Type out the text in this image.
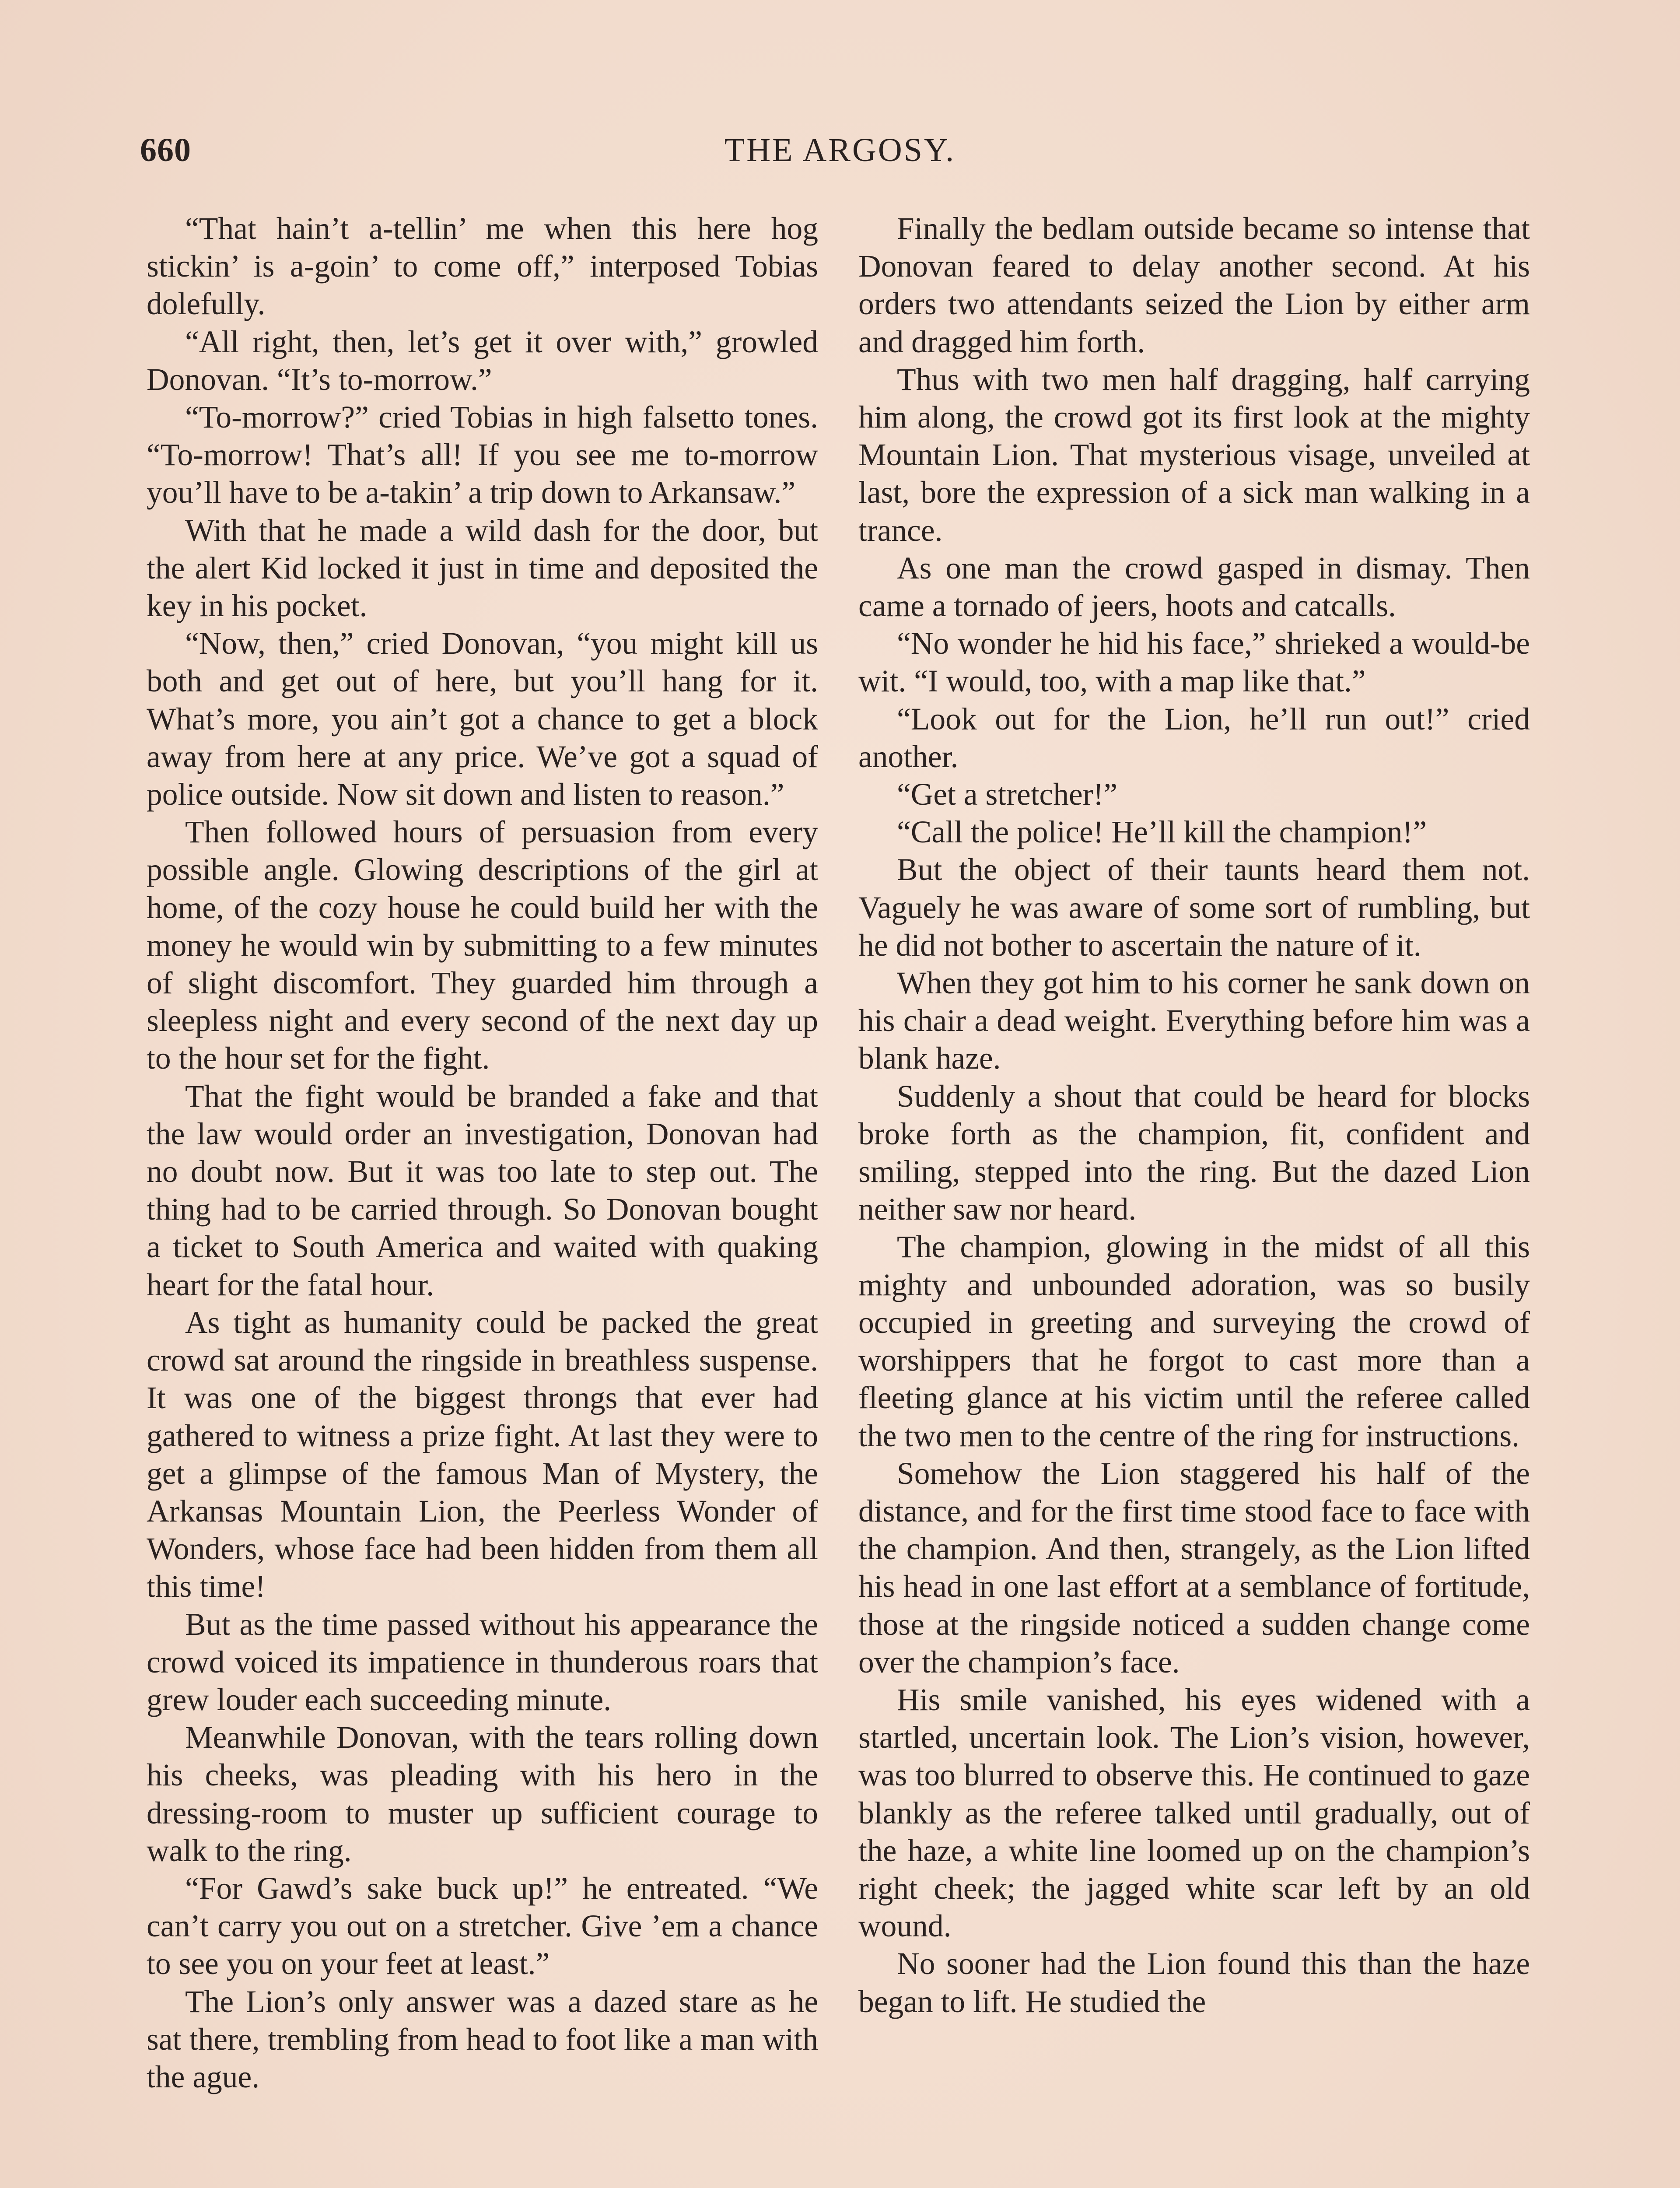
660	THE ARGOSY.

“That hain’t a-tellin’ me when this here hog stickin’ is a-goin’ to come off,” interposed Tobias dolefully.

“All right, then, let’s get it over with,” growled Donovan. “It’s to-morrow.”

“To-morrow?” cried Tobias in high falsetto tones. “To-morrow! That’s all! If you see me to-morrow you’ll have to be a-takin’ a trip down to Arkansaw.”

With that he made a wild dash for the door, but the alert Kid locked it just in time and deposited the key in his pocket.

“Now, then,” cried Donovan, “you might kill us both and get out of here, but you’ll hang for it. What’s more, you ain’t got a chance to get a block away from here at any price. We’ve got a squad of police outside. Now sit down and listen to reason.”

Then followed hours of persuasion from every possible angle. Glowing descriptions of the girl at home, of the cozy house he could build her with the money he would win by submitting to a few minutes of slight discomfort. They guarded him through a sleepless night and every second of the next day up to the hour set for the fight.

That the fight would be branded a fake and that the law would order an investigation, Donovan had no doubt now. But it was too late to step out. The thing had to be carried through. So Donovan bought a ticket to South America and waited with quaking heart for the fatal hour.

As tight as humanity could be packed the great crowd sat around the ringside in breathless suspense. It was one of the biggest throngs that ever had gathered to witness a prize fight. At last they were to get a glimpse of the famous Man of Mystery, the Arkansas Mountain Lion, the Peerless Wonder of Wonders, whose face had been hidden from them all this time!

But as the time passed without his appearance the crowd voiced its impatience in thunderous roars that grew louder each succeeding minute.

Meanwhile Donovan, with the tears rolling down his cheeks, was pleading with his hero in the dressing-room to muster up sufficient courage to walk to the ring.

“For Gawd’s sake buck up!” he entreated. “We can’t carry you out on a stretcher. Give ’em a chance to see you on your feet at least.”

The Lion’s only answer was a dazed stare as he sat there, trembling from head to foot like a man with the ague.

Finally the bedlam outside became so intense that Donovan feared to delay another second. At his orders two attendants seized the Lion by either arm and dragged him forth.

Thus with two men half dragging, half carrying him along, the crowd got its first look at the mighty Mountain Lion. That mysterious visage, unveiled at last, bore the expression of a sick man walking in a trance.

As one man the crowd gasped in dismay. Then came a tornado of jeers, hoots and catcalls.

“No wonder he hid his face,” shrieked a would-be wit. “I would, too, with a map like that.”

“Look out for the Lion, he’ll run out!” cried another.

“Get a stretcher!”

“Call the police! He’ll kill the champion!”

But the object of their taunts heard them not. Vaguely he was aware of some sort of rumbling, but he did not bother to ascertain the nature of it.

When they got him to his corner he sank down on his chair a dead weight. Everything before him was a blank haze.

Suddenly a shout that could be heard for blocks broke forth as the champion, fit, confident and smiling, stepped into the ring. But the dazed Lion neither saw nor heard.

The champion, glowing in the midst of all this mighty and unbounded adoration, was so busily occupied in greeting and surveying the crowd of worshippers that he forgot to cast more than a fleeting glance at his victim until the referee called the two men to the centre of the ring for instructions.

Somehow the Lion staggered his half of the distance, and for the first time stood face to face with the champion. And then, strangely, as the Lion lifted his head in one last effort at a semblance of fortitude, those at the ringside noticed a sudden change come over the champion’s face.

His smile vanished, his eyes widened with a startled, uncertain look. The Lion’s vision, however, was too blurred to observe this. He continued to gaze blankly as the referee talked until gradually, out of the haze, a white line loomed up on the champion’s right cheek; the jagged white scar left by an old wound.

No sooner had the Lion found this than the haze began to lift. He studied the
